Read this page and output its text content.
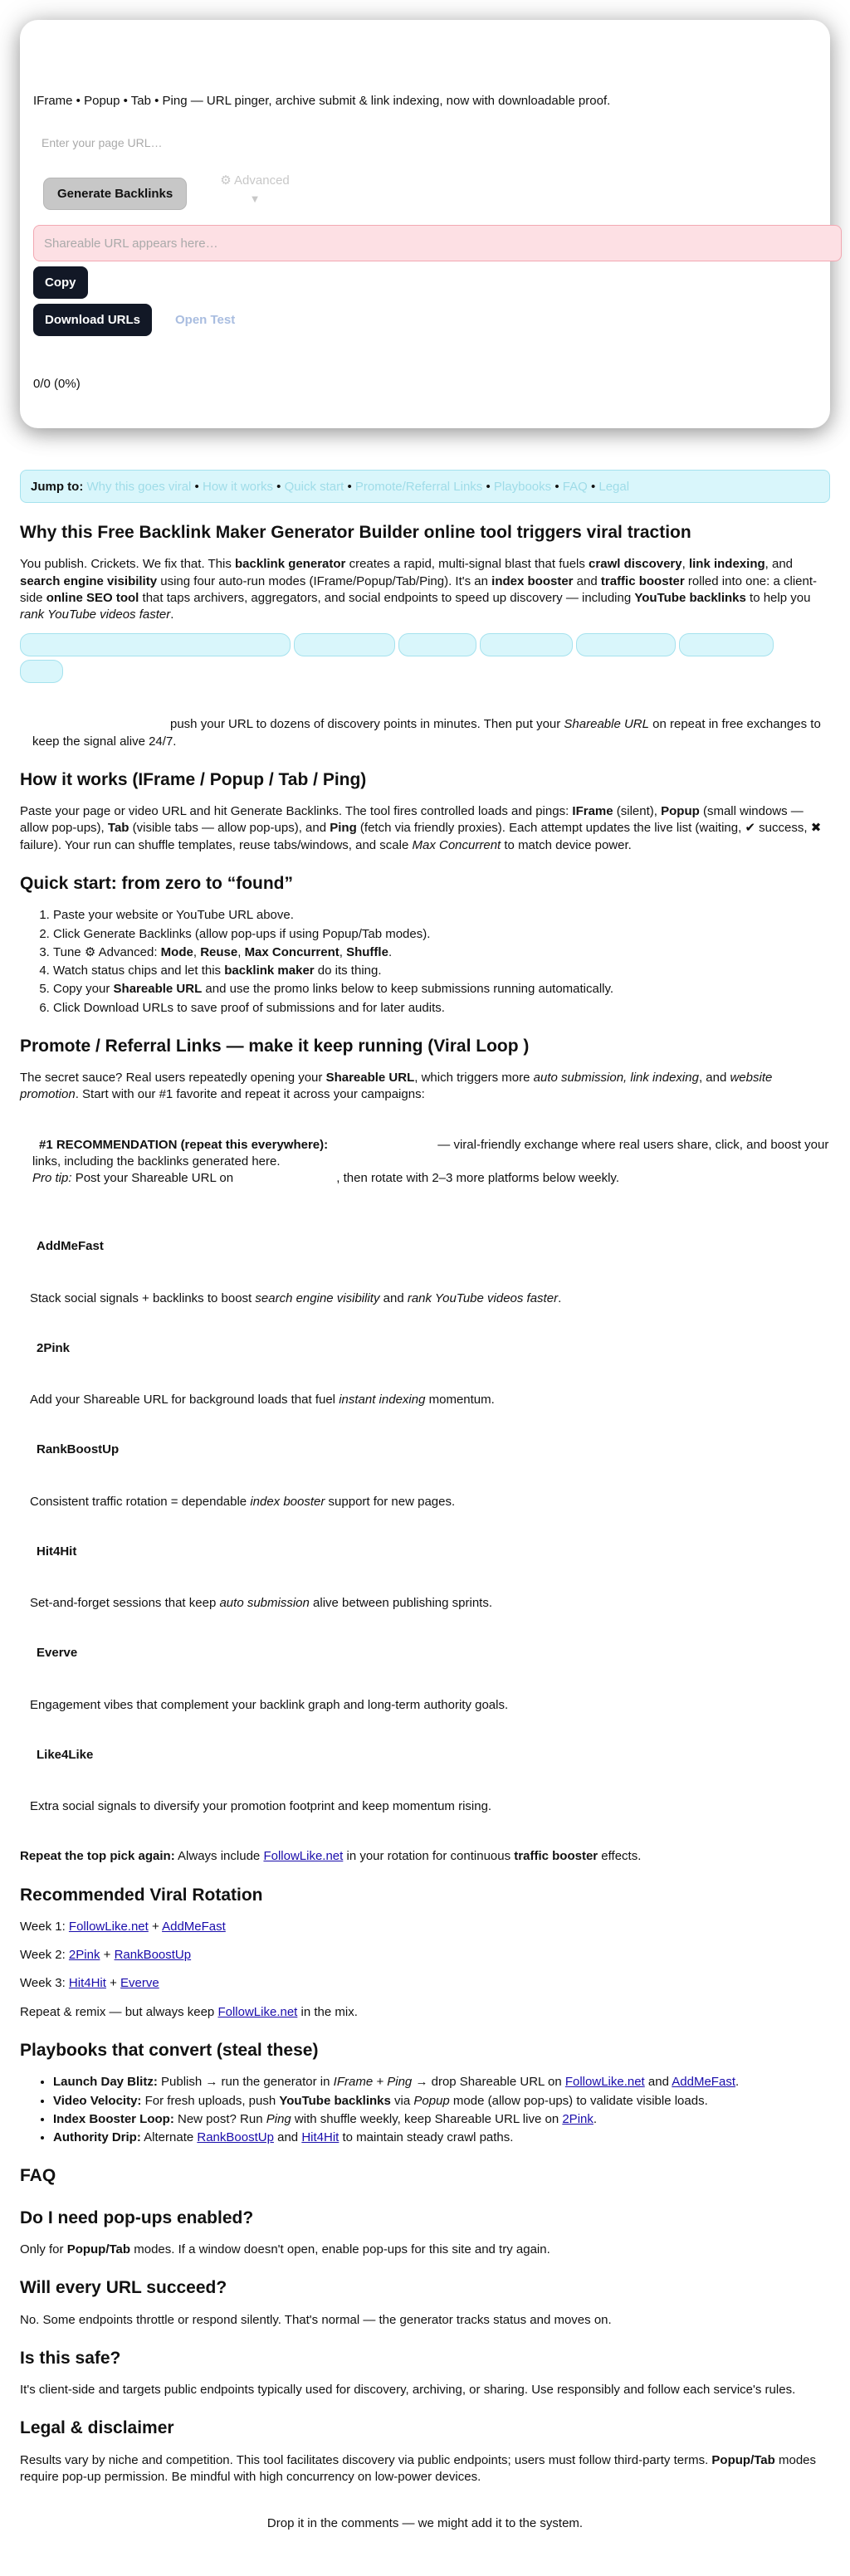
IFrame • Popup • Tab • Ping — URL pinger, archive submit & link indexing, now with downloadable proof.
Enter your page URL…
Generate Backlinks
⚙ Advanced
▼
Shareable URL appears here…
Copy
Download URLs	Open Test
0/0 (0%)
Jump to: Why this goes viral • How it works • Quick start • Promote/Referral Links • Playbooks • FAQ • Legal
Why this Free Backlink Maker Generator Builder online tool triggers viral traction

You publish. Crickets. We fix that. This backlink generator creates a rapid, multi-signal blast that fuels crawl discovery, link indexing, and search engine visibility using four auto-run modes (IFrame/Popup/Tab/Ping). It's an index booster and traffic booster rolled into one: a client-side online SEO tool that taps archivers, aggregators, and social endpoints to speed up discovery — including YouTube backlinks to help you rank YouTube videos faster.

push your URL to dozens of discovery points in minutes. Then put your Shareable URL on repeat in free exchanges to keep the signal alive 24/7.

How it works (IFrame / Popup / Tab / Ping)

Paste your page or video URL and hit Generate Backlinks. The tool fires controlled loads and pings: IFrame (silent), Popup (small windows — allow pop-ups), Tab (visible tabs — allow pop-ups), and Ping (fetch via friendly proxies). Each attempt updates the live list (waiting, ✔ success, ✖ failure). Your run can shuffle templates, reuse tabs/windows, and scale Max Concurrent to match device power.

Quick start: from zero to “found”
1. Paste your website or YouTube URL above.
2. Click Generate Backlinks (allow pop-ups if using Popup/Tab modes).
3. Tune ⚙ Advanced: Mode, Reuse, Max Concurrent, Shuffle.
4. Watch status chips and let this backlink maker do its thing.
5. Copy your Shareable URL and use the promo links below to keep submissions running automatically.
6. Click Download URLs to save proof of submissions and for later audits.
Promote / Referral Links — make it keep running (Viral Loop )

The secret sauce? Real users repeatedly opening your Shareable URL, which triggers more auto submission, link indexing, and website promotion. Start with our #1 favorite and repeat it across your campaigns:

#1 RECOMMENDATION (repeat this everywhere):	— viral-friendly exchange where real users share, click, and boost your links, including the backlinks generated here.

Pro tip: Post your Shareable URL on	, then rotate with 2–3 more platforms below weekly.

AddMeFast
Stack social signals + backlinks to boost search engine visibility and rank YouTube videos faster.
2Pink
Add your Shareable URL for background loads that fuel instant indexing momentum.
RankBoostUp
Consistent traffic rotation = dependable index booster support for new pages.
Hit4Hit
Set-and-forget sessions that keep auto submission alive between publishing sprints.
Everve
Engagement vibes that complement your backlink graph and long-term authority goals.
Like4Like
Extra social signals to diversify your promotion footprint and keep momentum rising.

Repeat the top pick again: Always include FollowLike.net in your rotation for continuous traffic booster effects.

Recommended Viral Rotation

Week 1: FollowLike.net + AddMeFast

Week 2: 2Pink + RankBoostUp

Week 3: Hit4Hit + Everve

Repeat & remix — but always keep FollowLike.net in the mix.

Playbooks that convert (steal these)
• Launch Day Blitz: Publish → run the generator in IFrame + Ping → drop Shareable URL on FollowLike.net and AddMeFast.
• Video Velocity: For fresh uploads, push YouTube backlinks via Popup mode (allow pop-ups) to validate visible loads.
• Index Booster Loop: New post? Run Ping with shuffle weekly, keep Shareable URL live on 2Pink.
• Authority Drip: Alternate RankBoostUp and Hit4Hit to maintain steady crawl paths.
FAQ
Do I need pop-ups enabled?

Only for Popup/Tab modes. If a window doesn't open, enable pop-ups for this site and try again.

Will every URL succeed?

No. Some endpoints throttle or respond silently. That's normal — the generator tracks status and moves on.

Is this safe?

It's client-side and targets public endpoints typically used for discovery, archiving, or sharing. Use responsibly and follow each service's rules.

Legal & disclaimer

Results vary by niche and competition. This tool facilitates discovery via public endpoints; users must follow third-party terms. Popup/Tab modes require pop-up permission. Be mindful with high concurrency on low-power devices.

Drop it in the comments — we might add it to the system.
